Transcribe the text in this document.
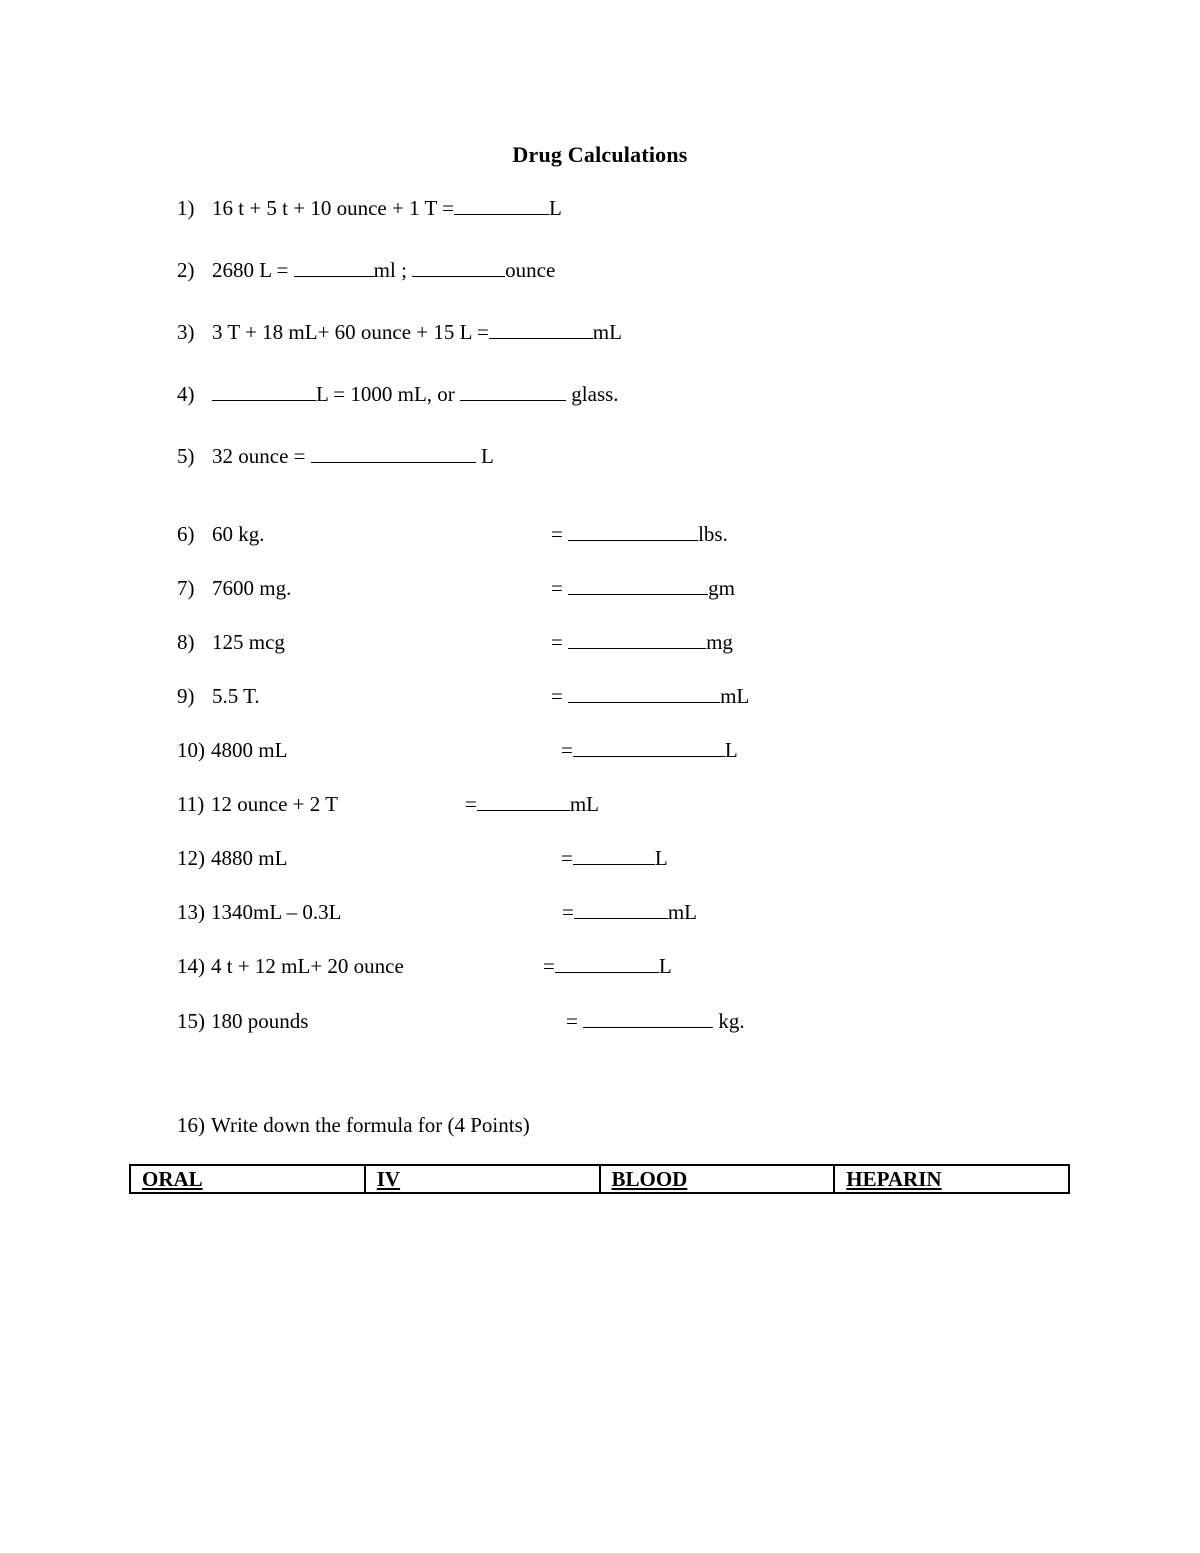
Drug Calculations
1) 16 t + 5 t + 10 ounce + 1 T =	L
2) 2680 L =	ml ;	ounce
3) 3 T + 18 mL+ 60 ounce + 15 L =	mL
4)	L = 1000 mL, or	glass.
5) 32 ounce =	L
6) 60 kg.	=	lbs.
7) 7600 mg.	=	gm
8) 125 mcg	=	mg
9) 5.5 T.	=	mL
10) 4800 mL	=	L
11) 12 ounce + 2 T	=	mL
12) 4880 mL	=	L
13) 1340mL – 0.3L	=	mL
14) 4 t + 12 mL+ 20 ounce	=	L
15) 180 pounds	=	kg.
16) Write down the formula for (4 Points)
ORAL	IV	BLOOD	HEPARIN
